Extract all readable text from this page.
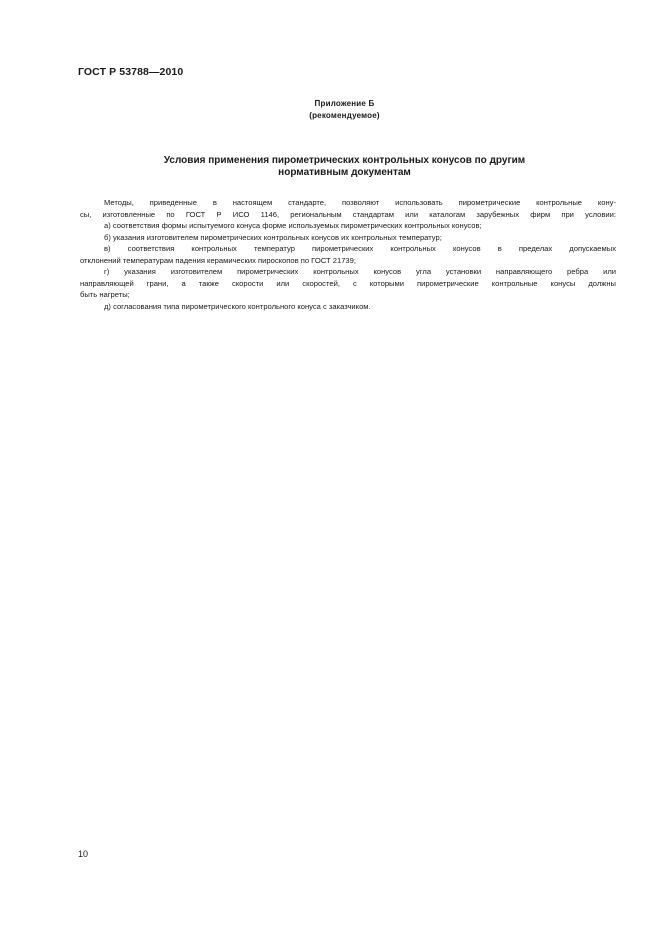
ГОСТ Р 53788—2010
Приложение Б
(рекомендуемое)
Условия применения пирометрических контрольных конусов по другим
нормативным документам
Методы, приведенные в настоящем стандарте, позволяют использовать пирометрические контрольные кону-
сы, изготовленные по ГОСТ Р ИСО 1146, региональным стандартам или каталогам зарубежных фирм при условии:
а) соответствия формы испытуемого конуса форме используемых пирометрических контрольных конусов;
б) указания изготовителем пирометрических контрольных конусов их контрольных температур;
в) соответствия контрольных температур пирометрических контрольных конусов в пределах допускаемых
отклонений температурам падения керамических пироскопов по ГОСТ 21739;
г) указания изготовителем пирометрических контрольных конусов угла установки направляющего ребра или
направляющей грани, а также скорости или скоростей, с которыми пирометрические контрольные конусы должны
быть нагреты;
д) согласования типа пирометрического контрольного конуса с заказчиком.
10
